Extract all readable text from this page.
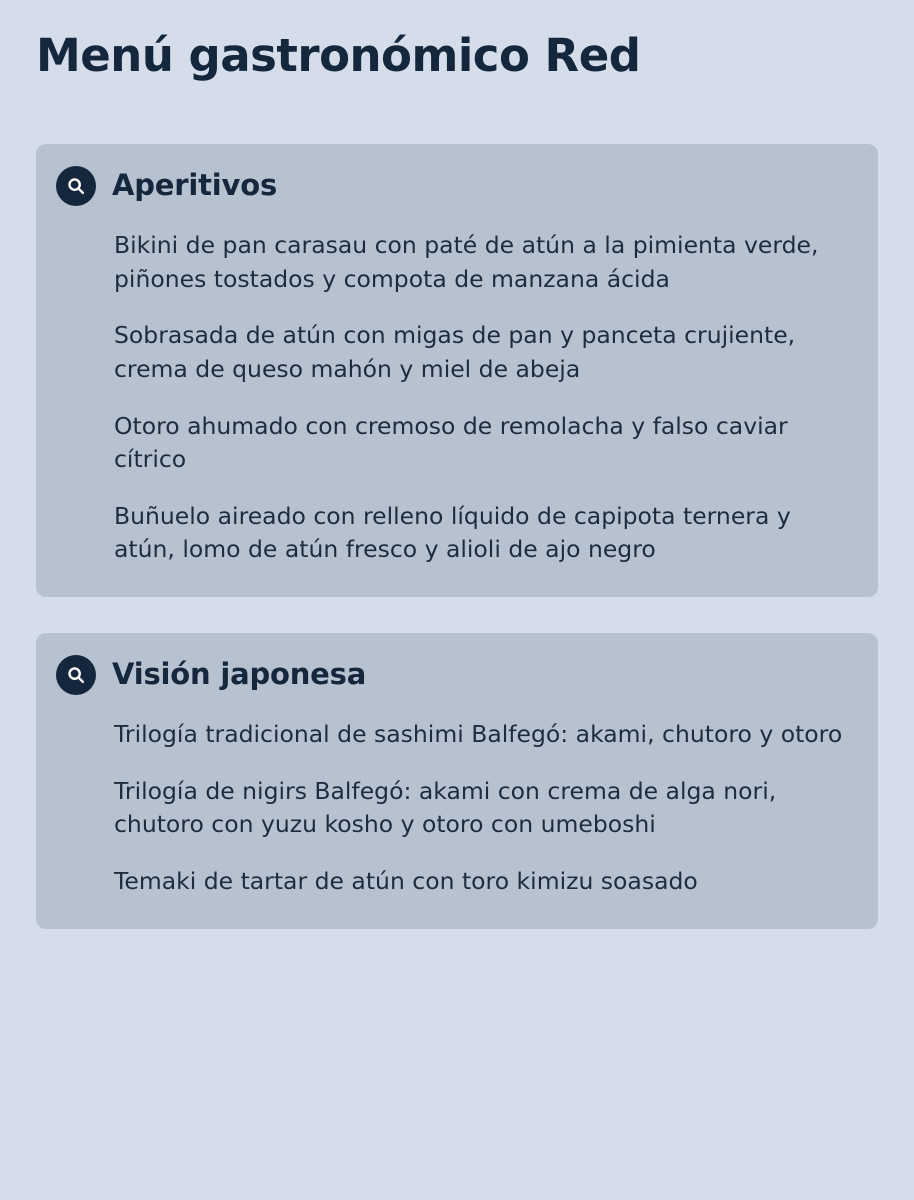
Menú gastronómico Red
Aperitivos

Bikini de pan carasau con paté de atún a la pimienta verde, piñones tostados y compota de manzana ácida

Sobrasada de atún con migas de pan y panceta crujiente, crema de queso mahón y miel de abeja

Otoro ahumado con cremoso de remolacha y falso caviar cítrico

Buñuelo aireado con relleno líquido de capipota ternera y atún, lomo de atún fresco y alioli de ajo negro

Visión japonesa

Trilogía tradicional de sashimi Balfegó: akami, chutoro y otoro

Trilogía de nigirs Balfegó: akami con crema de alga nori, chutoro con yuzu kosho y otoro con umeboshi

Temaki de tartar de atún con toro kimizu soasado
